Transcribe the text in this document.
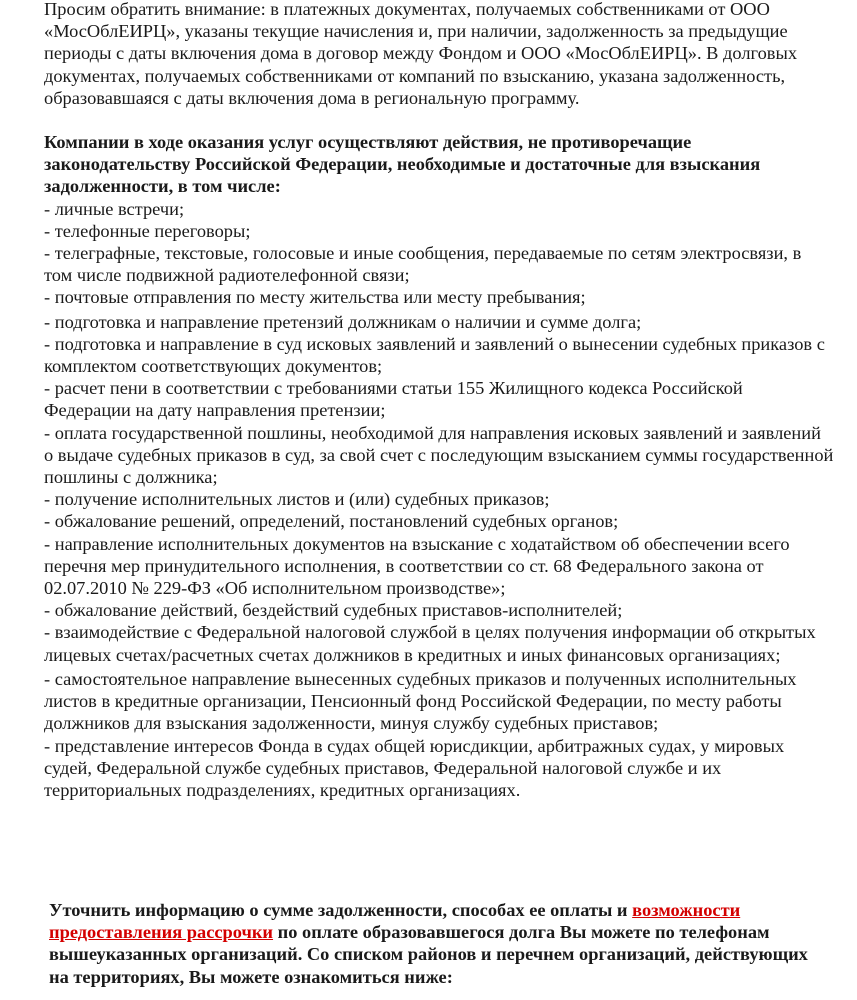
Просим обратить внимание: в платежных документах, получаемых собственниками от ООО «МосОблЕИРЦ», указаны текущие начисления и, при наличии, задолженность за предыдущие периоды с даты включения дома в договор между Фондом и ООО «МосОблЕИРЦ». В долговых документах, получаемых собственниками от компаний по взысканию, указана задолженность, образовавшаяся с даты включения дома в региональную программу.

Компании в ходе оказания услуг осуществляют действия, не противоречащие законодательству Российской Федерации, необходимые и достаточные для взыскания задолженности, в том числе:

- личные встречи;
- телефонные переговоры;
- телеграфные, текстовые, голосовые и иные сообщения, передаваемые по сетям электросвязи, в том числе подвижной радиотелефонной связи;
- почтовые отправления по месту жительства или месту пребывания;
- подготовка и направление претензий должникам о наличии и сумме долга;
- подготовка и направление в суд исковых заявлений и заявлений о вынесении судебных приказов с комплектом соответствующих документов;
- расчет пени в соответствии с требованиями статьи 155 Жилищного кодекса Российской Федерации на дату направления претензии;
- оплата государственной пошлины, необходимой для направления исковых заявлений и заявлений о выдаче судебных приказов в суд, за свой счет с последующим взысканием суммы государственной пошлины с должника;
- получение исполнительных листов и (или) судебных приказов;
- обжалование решений, определений, постановлений судебных органов;
- направление исполнительных документов на взыскание с ходатайством об обеспечении всего перечня мер принудительного исполнения, в соответствии со ст. 68 Федерального закона от 02.07.2010 № 229-ФЗ «Об исполнительном производстве»;
- обжалование действий, бездействий судебных приставов-исполнителей;
- взаимодействие с Федеральной налоговой службой в целях получения информации об открытых лицевых счетах/расчетных счетах должников в кредитных и иных финансовых организациях;
- самостоятельное направление вынесенных судебных приказов и полученных исполнительных листов в кредитные организации, Пенсионный фонд Российской Федерации, по месту работы должников для взыскания задолженности, минуя службу судебных приставов;
- представление интересов Фонда в судах общей юрисдикции, арбитражных судах, у мировых судей, Федеральной службе судебных приставов, Федеральной налоговой службе и их территориальных подразделениях, кредитных организациях.

Уточнить информацию о сумме задолженности, способах ее оплаты и возможности предоставления рассрочки по оплате образовавшегося долга Вы можете по телефонам вышеуказанных организаций. Со списком районов и перечнем организаций, действующих на территориях, Вы можете ознакомиться ниже:
